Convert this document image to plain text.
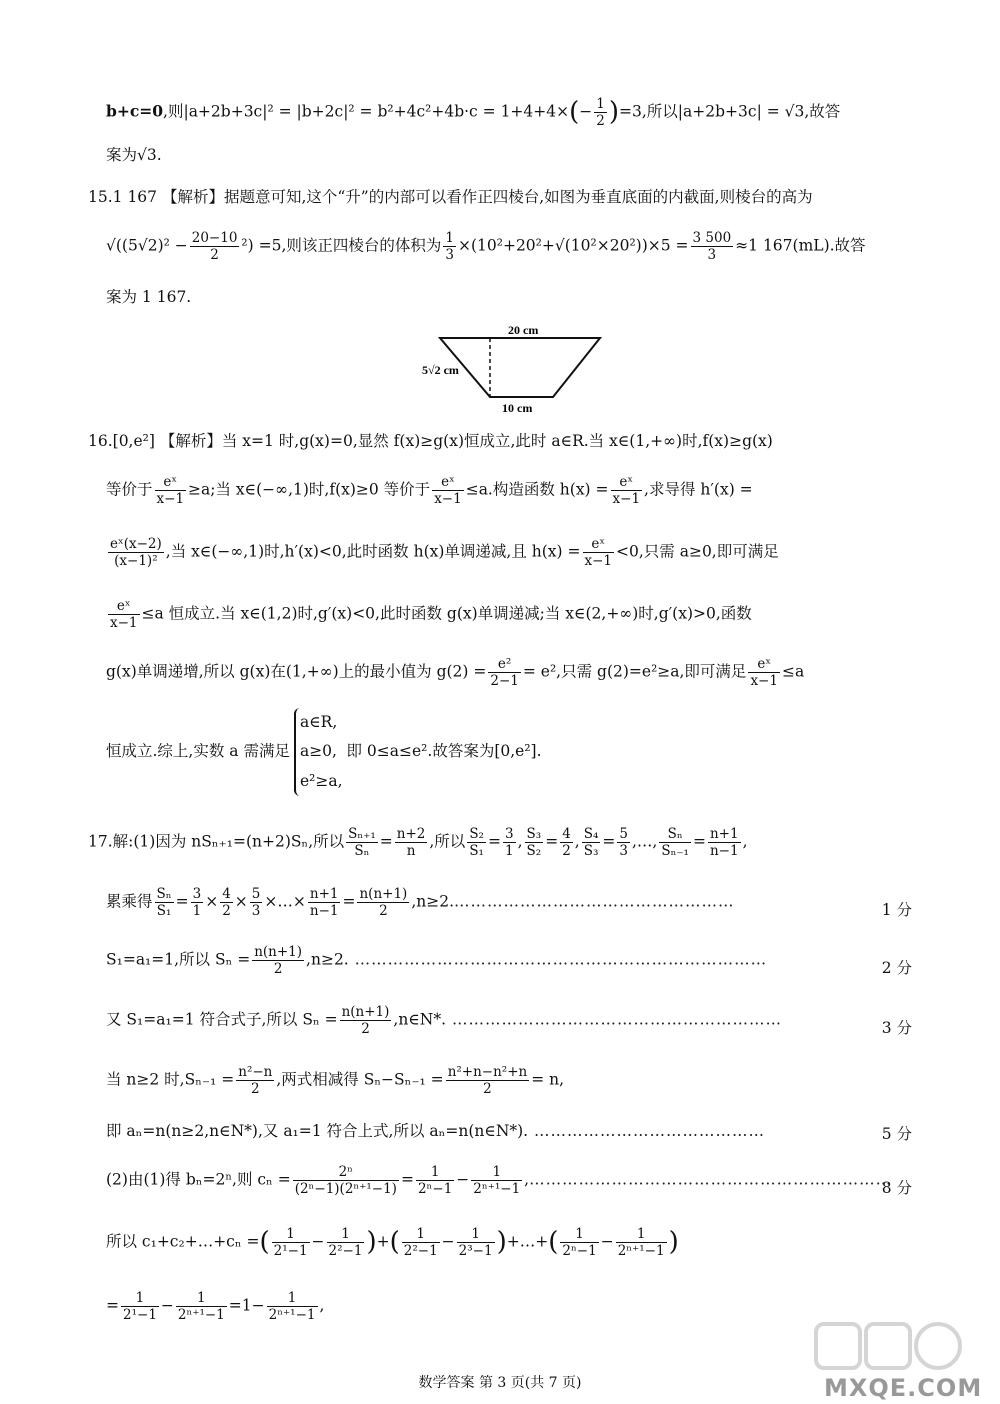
b+c=0,则$|a+2b+3c|^2 = |b+2c|^2 = b^2+4c^2+4b\cdot c = 1+4+4\times(- \frac{1}{2} )=3$,所以|a+2b+3c| = √3,故答
案为√3.
15.1 167 【解析】据题意可知,这个“升”的内部可以看作正四棱台,如图为垂直底面的内截面,则棱台的高为
$√((5√2)^2 - \frac{20-10}{2} ^2) =5$,则该正四棱台的体积为 $\frac{1}{3} \times(10^2+20^2+√(10^2\times 20^2))\times 5 = \frac{3 500}{3} \approx 1$ 167(mL).故答
案为 1 167.
20 cm
5√2 cm
10 cm
16.[0,e²] 【解析】当 x=1 时,g(x)=0,显然 f(x)≥g(x)恒成立,此时 a∈R.当 x∈(1,+∞)时,f(x)≥g(x)
等价于 $\frac{\text{eˣ}}{x-1} \ge a$;当 x∈(−∞,1)时,f(x)≥0 等价于 $\frac{\text{eˣ}}{x-1} \le a$.构造函数 $h(x) = \frac{\text{eˣ}}{x-1}$ ,求导得 h′(x) =
$\frac{\text{eˣ(x−2)}}{\text{(x−1)²}}$ ,当 x∈(−∞,1)时,h′(x)<0,此时函数 h(x)单调递减,且 $h(x) = \frac{\text{eˣ}}{x-1} <0$,只需 a≥0,即可满足
$\frac{\text{eˣ}}{x-1} \le a$ 恒成立.当 x∈(1,2)时,g′(x)<0,此时函数 g(x)单调递减;当 x∈(2,+∞)时,g′(x)>0,函数
g(x)单调递增,所以 g(x)在(1,+∞)上的最小值为 $g(2) = \frac{\text{e²}}{2-1} = e^2$,只需 g(2)=e²≥a,即可满足 $\frac{\text{eˣ}}{x-1} \le a$
恒成立.综上,实数 a 需满足
a∈R,
a≥0,
e²≥a,
即 0≤a≤e².故答案为[0,e²].
17.解:(1)因为 nSₙ₊₁=(n+2)Sₙ,所以 $\frac{\text{Sₙ₊₁}}{\text{Sₙ}} = \frac{n+2}{n}$ ,所以 $\frac{\text{S₂}}{\text{S₁}} = \frac{3}{1}$ , $\frac{\text{S₃}}{\text{S₂}} = \frac{4}{2}$ , $\frac{\text{S₄}}{\text{S₃}} = \frac{5}{3}$ ,…, $\frac{\text{Sₙ}}{\text{Sₙ₋₁}} = \frac{n+1}{n-1}$ ,
累乘得 $\frac{\text{Sₙ}}{\text{S₁}} = \frac{3}{1} \times \frac{4}{2} \times \frac{5}{3}$ ×…× $\frac{n+1}{n-1} = \frac{n(n+1)}{2}$ ,n≥2.……………………………………………	1 分
S₁=a₁=1,所以 $S_n = \frac{n(n+1)}{2} ,n\ge 2$. …………………………………………………………………	2 分
又 S₁=a₁=1 符合式子,所以 $S_n = \frac{n(n+1)}{2}$ ,n∈N*. ……………………………………………………	3 分
当 n≥2 时$,S_{n-1} = \frac{\text{n²−n}}{2}$ ,两式相减得 $S_n-S_{n-1} = \frac{\text{n²+n−n²+n}}{2} = n$,
即 aₙ=n(n≥2,n∈N*),又 a₁=1 符合上式,所以 aₙ=n(n∈N*). ……………………………………	5 分
(2)由(1)得 bₙ=2ⁿ,则 $c_n = \frac{\text{2ⁿ}}{\text{(2ⁿ−1)(2ⁿ⁺¹−1)}} = \frac{1}{\text{2ⁿ−1}} - \frac{1}{\text{2ⁿ⁺¹−1}}$ ,…………………………………………………………
8 分
所以 c₁+c₂+…+cₙ =( $\frac{1}{\text{2¹−1}} - \frac{1}{\text{2²−1}}$ )+( $\frac{1}{\text{2²−1}} - \frac{1}{\text{2³−1}}$ )+…+( $\frac{1}{\text{2ⁿ−1}} - \frac{1}{\text{2ⁿ⁺¹−1}}$ )
= $\frac{1}{\text{2¹−1}} - \frac{1}{\text{2ⁿ⁺¹−1}} =1- \frac{1}{\text{2ⁿ⁺¹−1}}$ ,
数学答案 第 3 页(共 7 页)	MXQE.COM
